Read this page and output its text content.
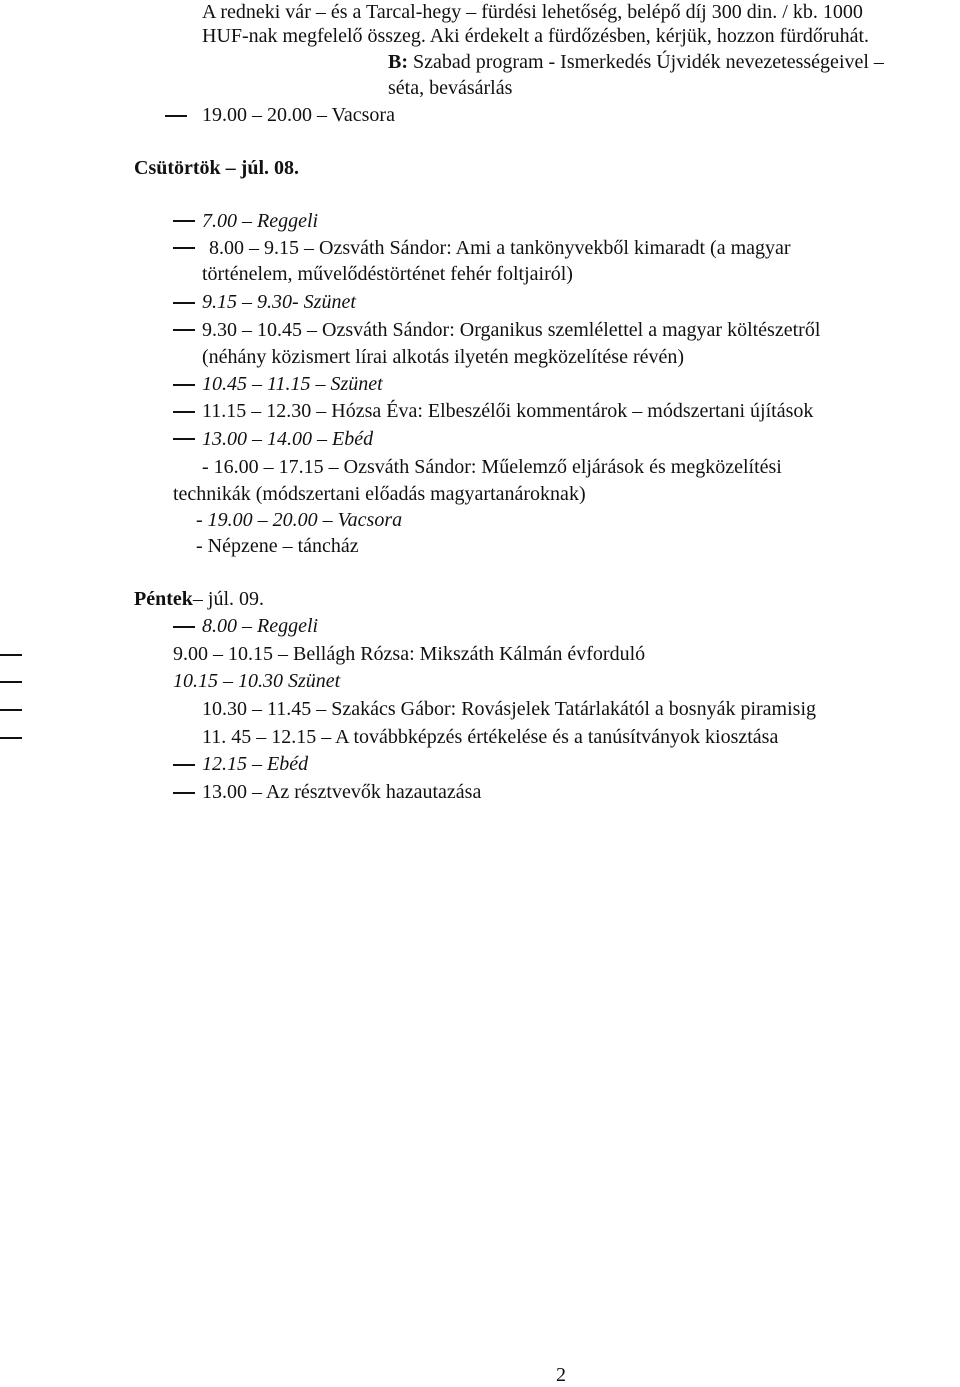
A redneki vár – és a Tarcal-hegy – fürdési lehetőség, belépő díj 300 din. / kb. 1000
HUF-nak megfelelő összeg. Aki érdekelt a fürdőzésben, kérjük, hozzon fürdőruhát.
B: Szabad program - Ismerkedés Újvidék nevezetességeivel –
séta, bevásárlás
19.00 – 20.00 – Vacsora
Csütörtök – júl. 08.
7.00 – Reggeli
8.00 – 9.15 – Ozsváth Sándor: Ami a tankönyvekből kimaradt (a magyar
történelem, művelődéstörténet fehér foltjairól)
9.15 – 9.30- Szünet
9.30 – 10.45 – Ozsváth Sándor: Organikus szemlélettel a magyar költészetről
(néhány közismert lírai alkotás ilyetén megközelítése révén)
10.45 – 11.15 – Szünet
11.15 – 12.30 – Hózsa Éva: Elbeszélői kommentárok – módszertani újítások
13.00 – 14.00 – Ebéd
- 16.00 – 17.15 – Ozsváth Sándor: Műelemző eljárások és megközelítési
technikák (módszertani előadás magyartanároknak)
- 19.00 – 20.00 – Vacsora
- Népzene – táncház
Péntek– júl. 09.
8.00 – Reggeli
9.00 – 10.15 – Bellágh Rózsa: Mikszáth Kálmán évforduló
10.15 – 10.30 Szünet
10.30 – 11.45 – Szakács Gábor: Rovásjelek Tatárlakától a bosnyák piramisig
11. 45 – 12.15 – A továbbképzés értékelése és a tanúsítványok kiosztása
12.15 – Ebéd
13.00 – Az résztvevők hazautazása
2
